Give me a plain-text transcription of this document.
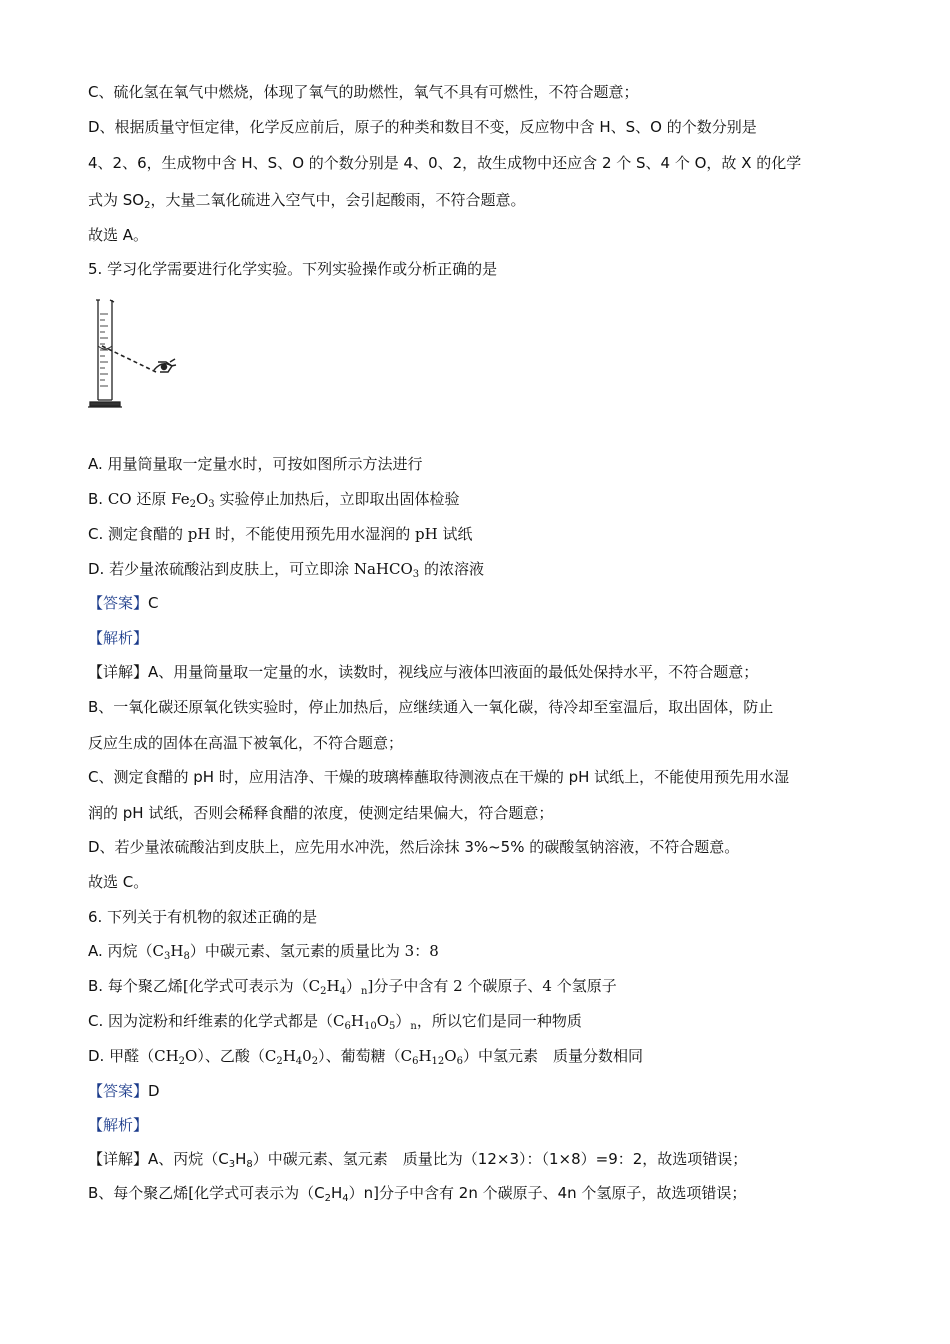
C、硫化氢在氧气中燃烧，体现了氧气的助燃性，氧气不具有可燃性，不符合题意；
D、根据质量守恒定律，化学反应前后，原子的种类和数目不变，反应物中含 H、S、O 的个数分别是
4、2、6，生成物中含 H、S、O 的个数分别是 4、0、2，故生成物中还应含 2 个 S、4 个 O，故 X 的化学
式为 $SO_2$，大量二氧化硫进入空气中，会引起酸雨，不符合题意。
故选 A。
5. 学习化学需要进行化学实验。下列实验操作或分析正确的是
A. 用量筒量取一定量水时，可按如图所示方法进行
B. CO 还原 $Fe_2O_3$ 实验停止加热后，立即取出固体检验
C. 测定食醋的 pH 时，不能使用预先用水湿润的 pH 试纸
D. 若少量浓硫酸沾到皮肤上，可立即涂 NaHCO$_3$ 的浓溶液
【答案】C
【解析】
【详解】A、用量筒量取一定量的水，读数时，视线应与液体凹液面的最低处保持水平，不符合题意；
B、一氧化碳还原氧化铁实验时，停止加热后，应继续通入一氧化碳，待冷却至室温后，取出固体，防止
反应生成的固体在高温下被氧化，不符合题意；
C、测定食醋的 pH 时，应用洁净、干燥的玻璃棒蘸取待测液点在干燥的 pH 试纸上，不能使用预先用水湿
润的 pH 试纸，否则会稀释食醋的浓度，使测定结果偏大，符合题意；
D、若少量浓硫酸沾到皮肤上，应先用水冲洗，然后涂抹 3%~5% 的碳酸氢钠溶液，不符合题意。
故选 C。
6. 下列关于有机物的叙述正确的是
A. 丙烷$(C_3H_8)$中碳元素、氢元素的质量比为 3：8
B. 每个聚乙烯[化学式可表示为$(C_2H_4)_n$]分子中含有 2 个碳原子、4 个氢原子
C. 因为淀粉和纤维素的化学式都是$(C_6H_{10}O_5)_n$，所以它们是同一种物质
D. 甲醛$(CH_2O)$、乙酸$(C_2H_40_2)$、葡萄糖$(C_6H_{12}O_6)$中氢元素　质量分数相同
【答案】D
【解析】
【详解】A、丙烷$(C_3H_8)$中碳元素、氢元素　质量比为（12×3）：（1×8）=9：2，故选项错误；
B、每个聚乙烯[化学式可表示为$(C_2H_4)n$]分子中含有 2n 个碳原子、4n 个氢原子，故选项错误；
